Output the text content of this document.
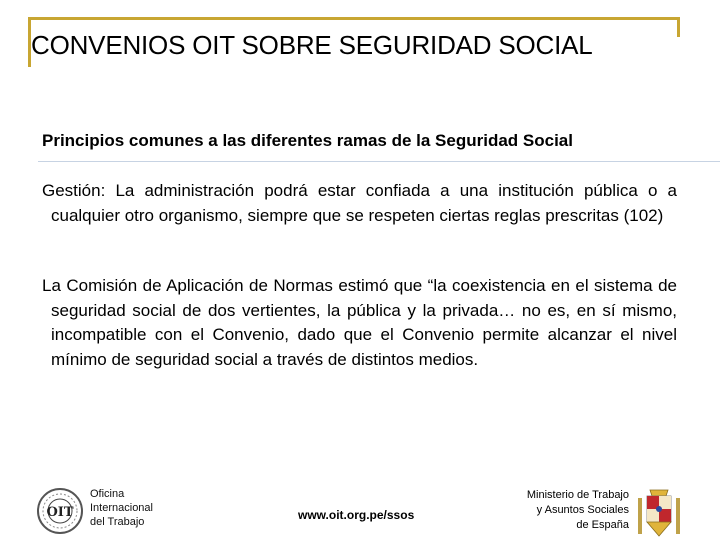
CONVENIOS OIT SOBRE SEGURIDAD SOCIAL
Principios comunes a las diferentes ramas de la Seguridad Social

Gestión: La administración podrá estar confiada a una institución pública o a cualquier otro organismo, siempre que se respeten ciertas reglas prescritas (102)

La Comisión de Aplicación de Normas estimó que “la coexistencia en el sistema de seguridad social de dos vertientes, la pública y la privada… no es, en sí mismo, incompatible con el Convenio, dado que el Convenio permite alcanzar el nivel mínimo de seguridad social a través de distintos medios.

OIT
Oficina
Internacional
del Trabajo	www.oit.org.pe/ssos
Ministerio de Trabajo
y Asuntos Sociales
de España
